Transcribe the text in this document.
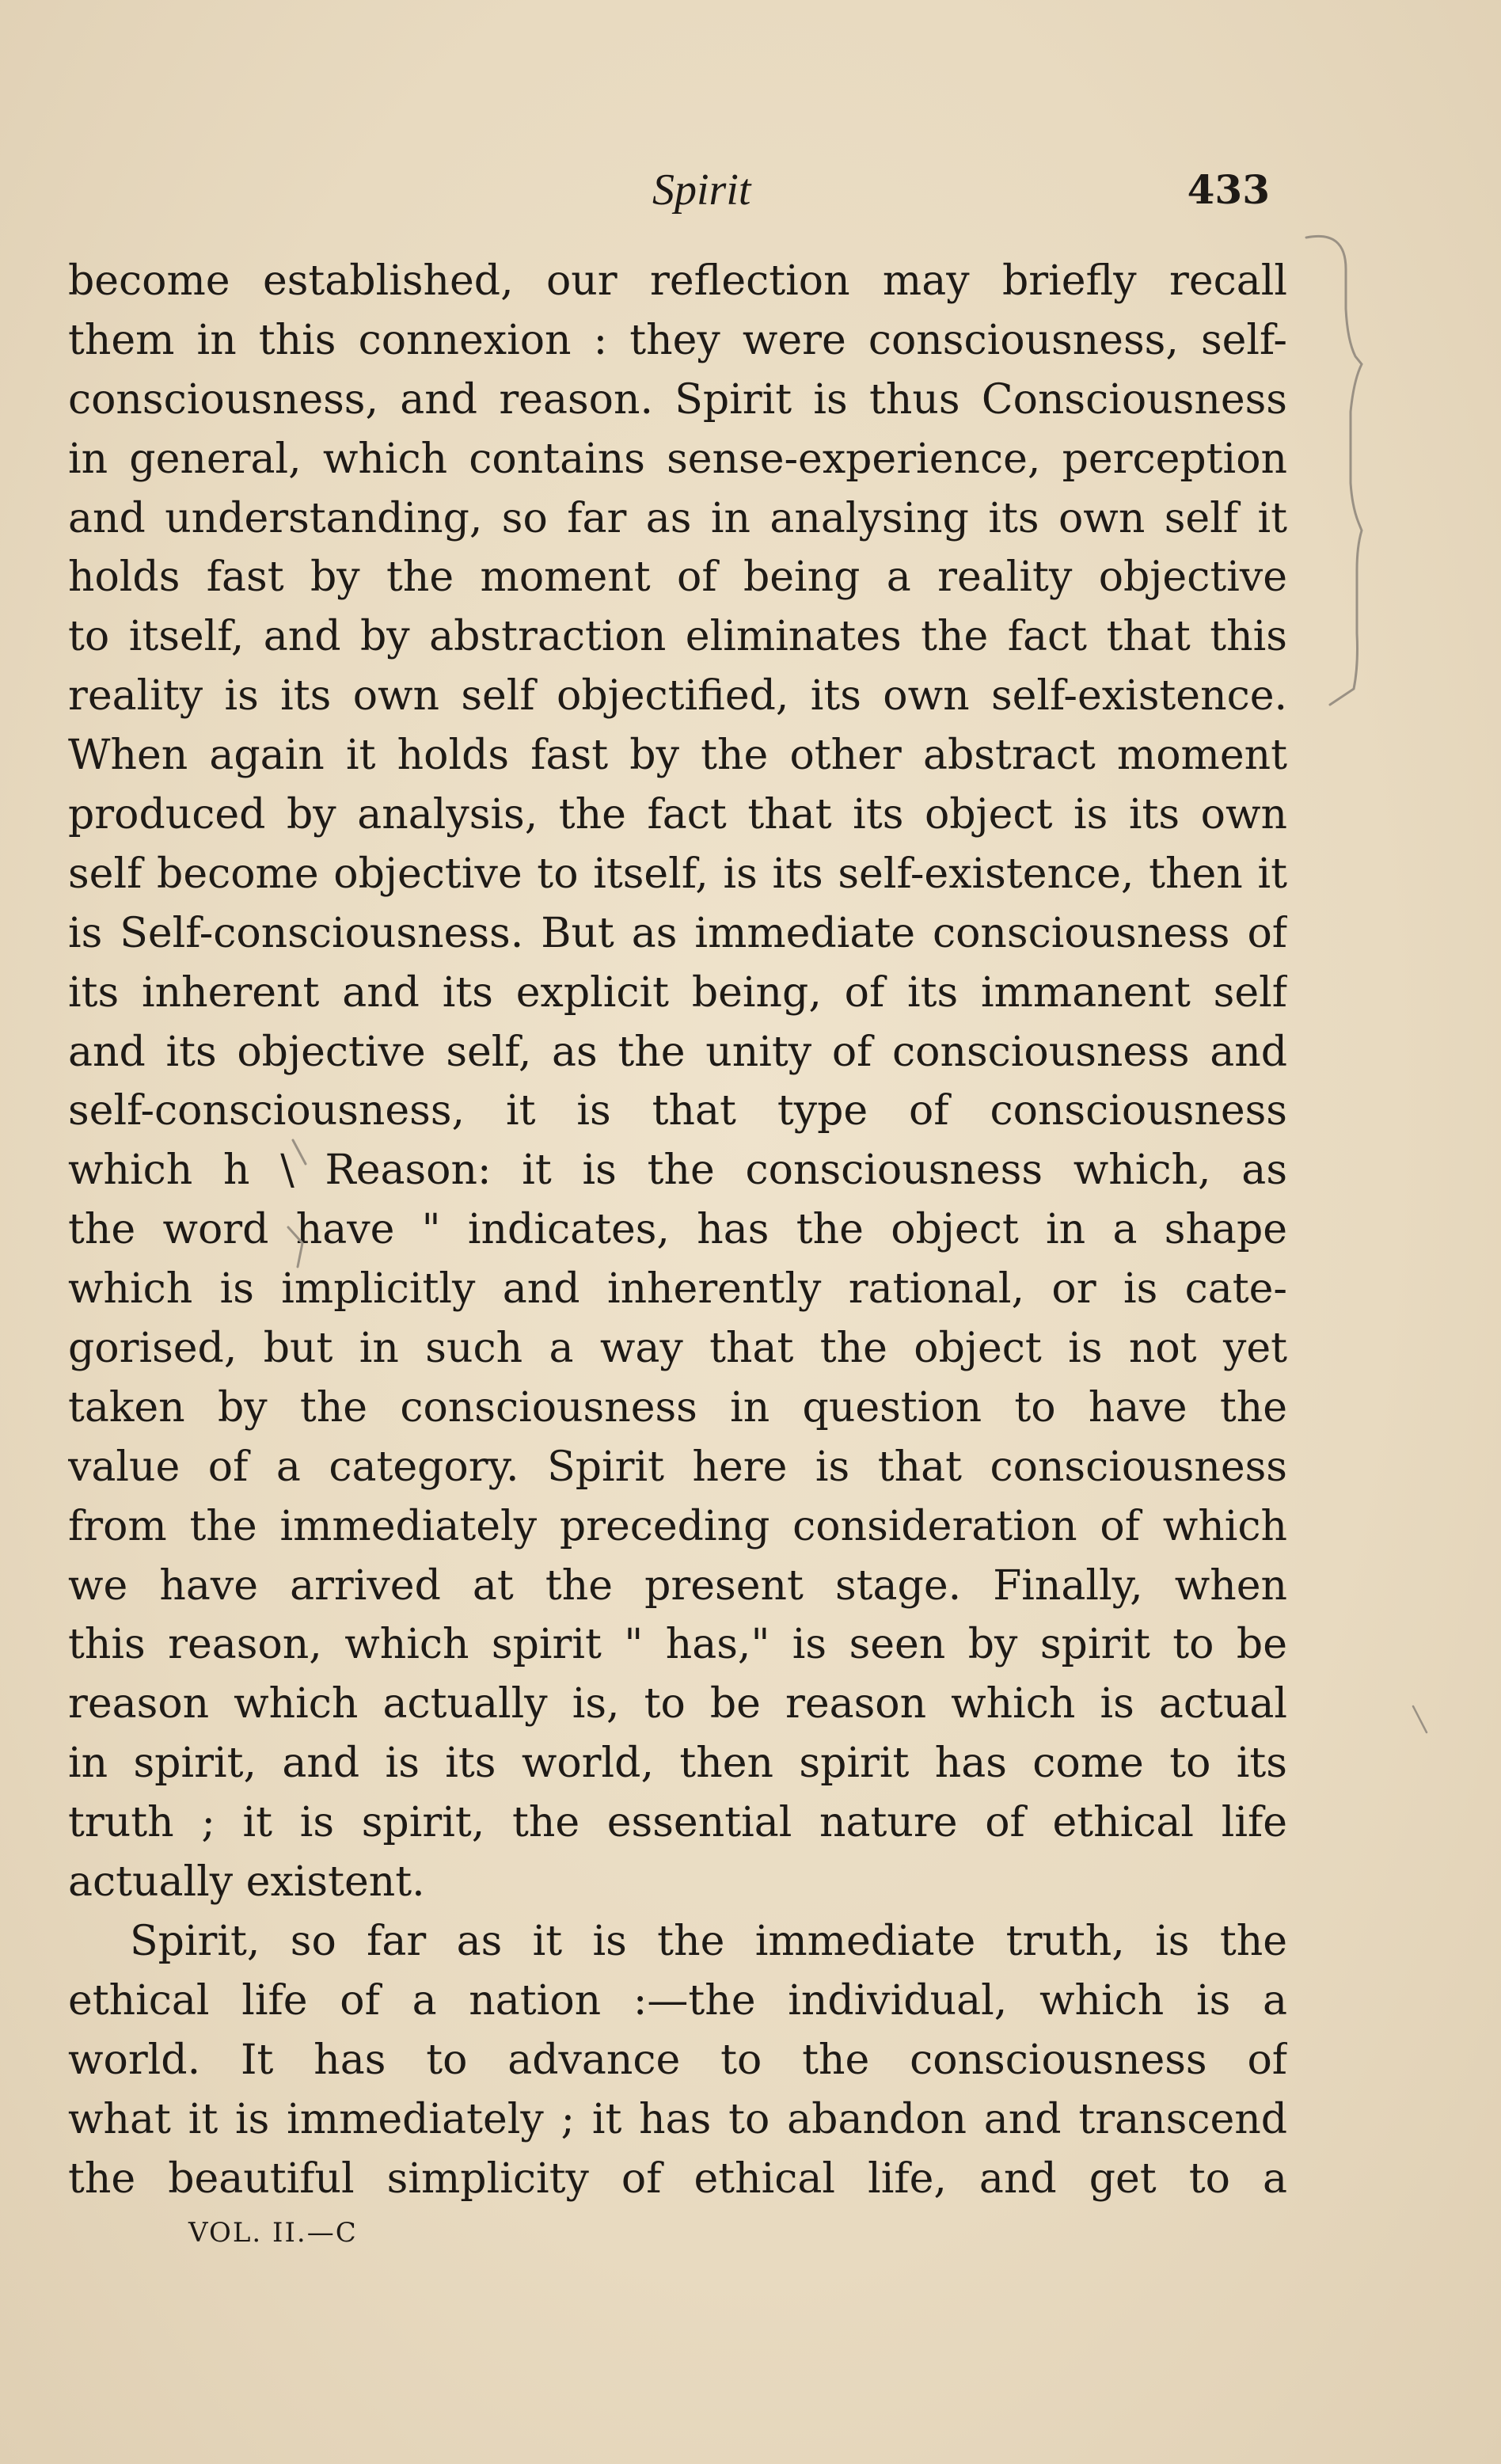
Spirit	433
become established, our reflection may briefly recall
them in this connexion : they were consciousness, self-
consciousness, and reason. Spirit is thus Consciousness
in general, which contains sense-experience, perception
and understanding, so far as in analysing its own self it
holds fast by the moment of being a reality objective
to itself, and by abstraction eliminates the fact that this
reality is its own self objectified, its own self-existence.
When again it holds fast by the other abstract moment
produced by analysis, the fact that its object is its own
self become objective to itself, is its self-existence, then it
is Self-consciousness. But as immediate consciousness of
its inherent and its explicit being, of its immanent self
and its objective self, as the unity of consciousness and
self-consciousness, it is that type of consciousness
which h \ Reason: it is the consciousness which, as
the word have " indicates, has the object in a shape
which is implicitly and inherently rational, or is cate-
gorised, but in such a way that the object is not yet
taken by the consciousness in question to have the
value of a category. Spirit here is that consciousness
from the immediately preceding consideration of which
we have arrived at the present stage. Finally, when
this reason, which spirit " has," is seen by spirit to be
reason which actually is, to be reason which is actual
in spirit, and is its world, then spirit has come to its
truth ; it is spirit, the essential nature of ethical life
actually existent.
Spirit, so far as it is the immediate truth, is the
ethical life of a nation :—the individual, which is a
world. It has to advance to the consciousness of
what it is immediately ; it has to abandon and transcend
the beautiful simplicity of ethical life, and get to a
VOL. II.—C
